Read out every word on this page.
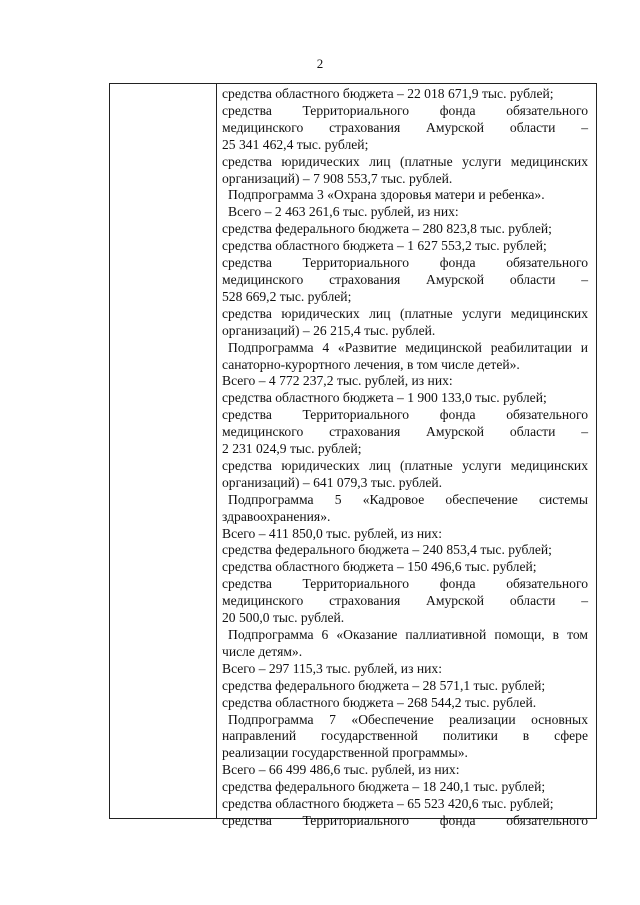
2
средства областного бюджета – 22 018 671,9 тыс. рублей;
средства Территориального фонда обязательного
медицинского страхования Амурской области –
25 341 462,4 тыс. рублей;
средства юридических лиц (платные услуги медицинских
организаций) – 7 908 553,7 тыс. рублей.
Подпрограмма 3 «Охрана здоровья матери и ребенка».
Всего – 2 463 261,6 тыс. рублей, из них:
средства федерального бюджета – 280 823,8 тыс. рублей;
средства областного бюджета – 1 627 553,2 тыс. рублей;
средства Территориального фонда обязательного
медицинского страхования Амурской области –
528 669,2 тыс. рублей;
средства юридических лиц (платные услуги медицинских
организаций) – 26 215,4 тыс. рублей.
Подпрограмма 4 «Развитие медицинской реабилитации и
санаторно-курортного лечения, в том числе детей».
Всего – 4 772 237,2 тыс. рублей, из них:
средства областного бюджета – 1 900 133,0 тыс. рублей;
средства Территориального фонда обязательного
медицинского страхования Амурской области –
2 231 024,9 тыс. рублей;
средства юридических лиц (платные услуги медицинских
организаций) – 641 079,3 тыс. рублей.
Подпрограмма 5 «Кадровое обеспечение системы
здравоохранения».
Всего – 411 850,0 тыс. рублей, из них:
средства федерального бюджета – 240 853,4 тыс. рублей;
средства областного бюджета – 150 496,6 тыс. рублей;
средства Территориального фонда обязательного
медицинского страхования Амурской области –
20 500,0 тыс. рублей.
Подпрограмма 6 «Оказание паллиативной помощи, в том
числе детям».
Всего – 297 115,3 тыс. рублей, из них:
средства федерального бюджета – 28 571,1 тыс. рублей;
средства областного бюджета – 268 544,2 тыс. рублей.
Подпрограмма 7 «Обеспечение реализации основных
направлений государственной политики в сфере
реализации государственной программы».
Всего – 66 499 486,6 тыс. рублей, из них:
средства федерального бюджета – 18 240,1 тыс. рублей;
средства областного бюджета – 65 523 420,6 тыс. рублей;
средства Территориального фонда обязательного
